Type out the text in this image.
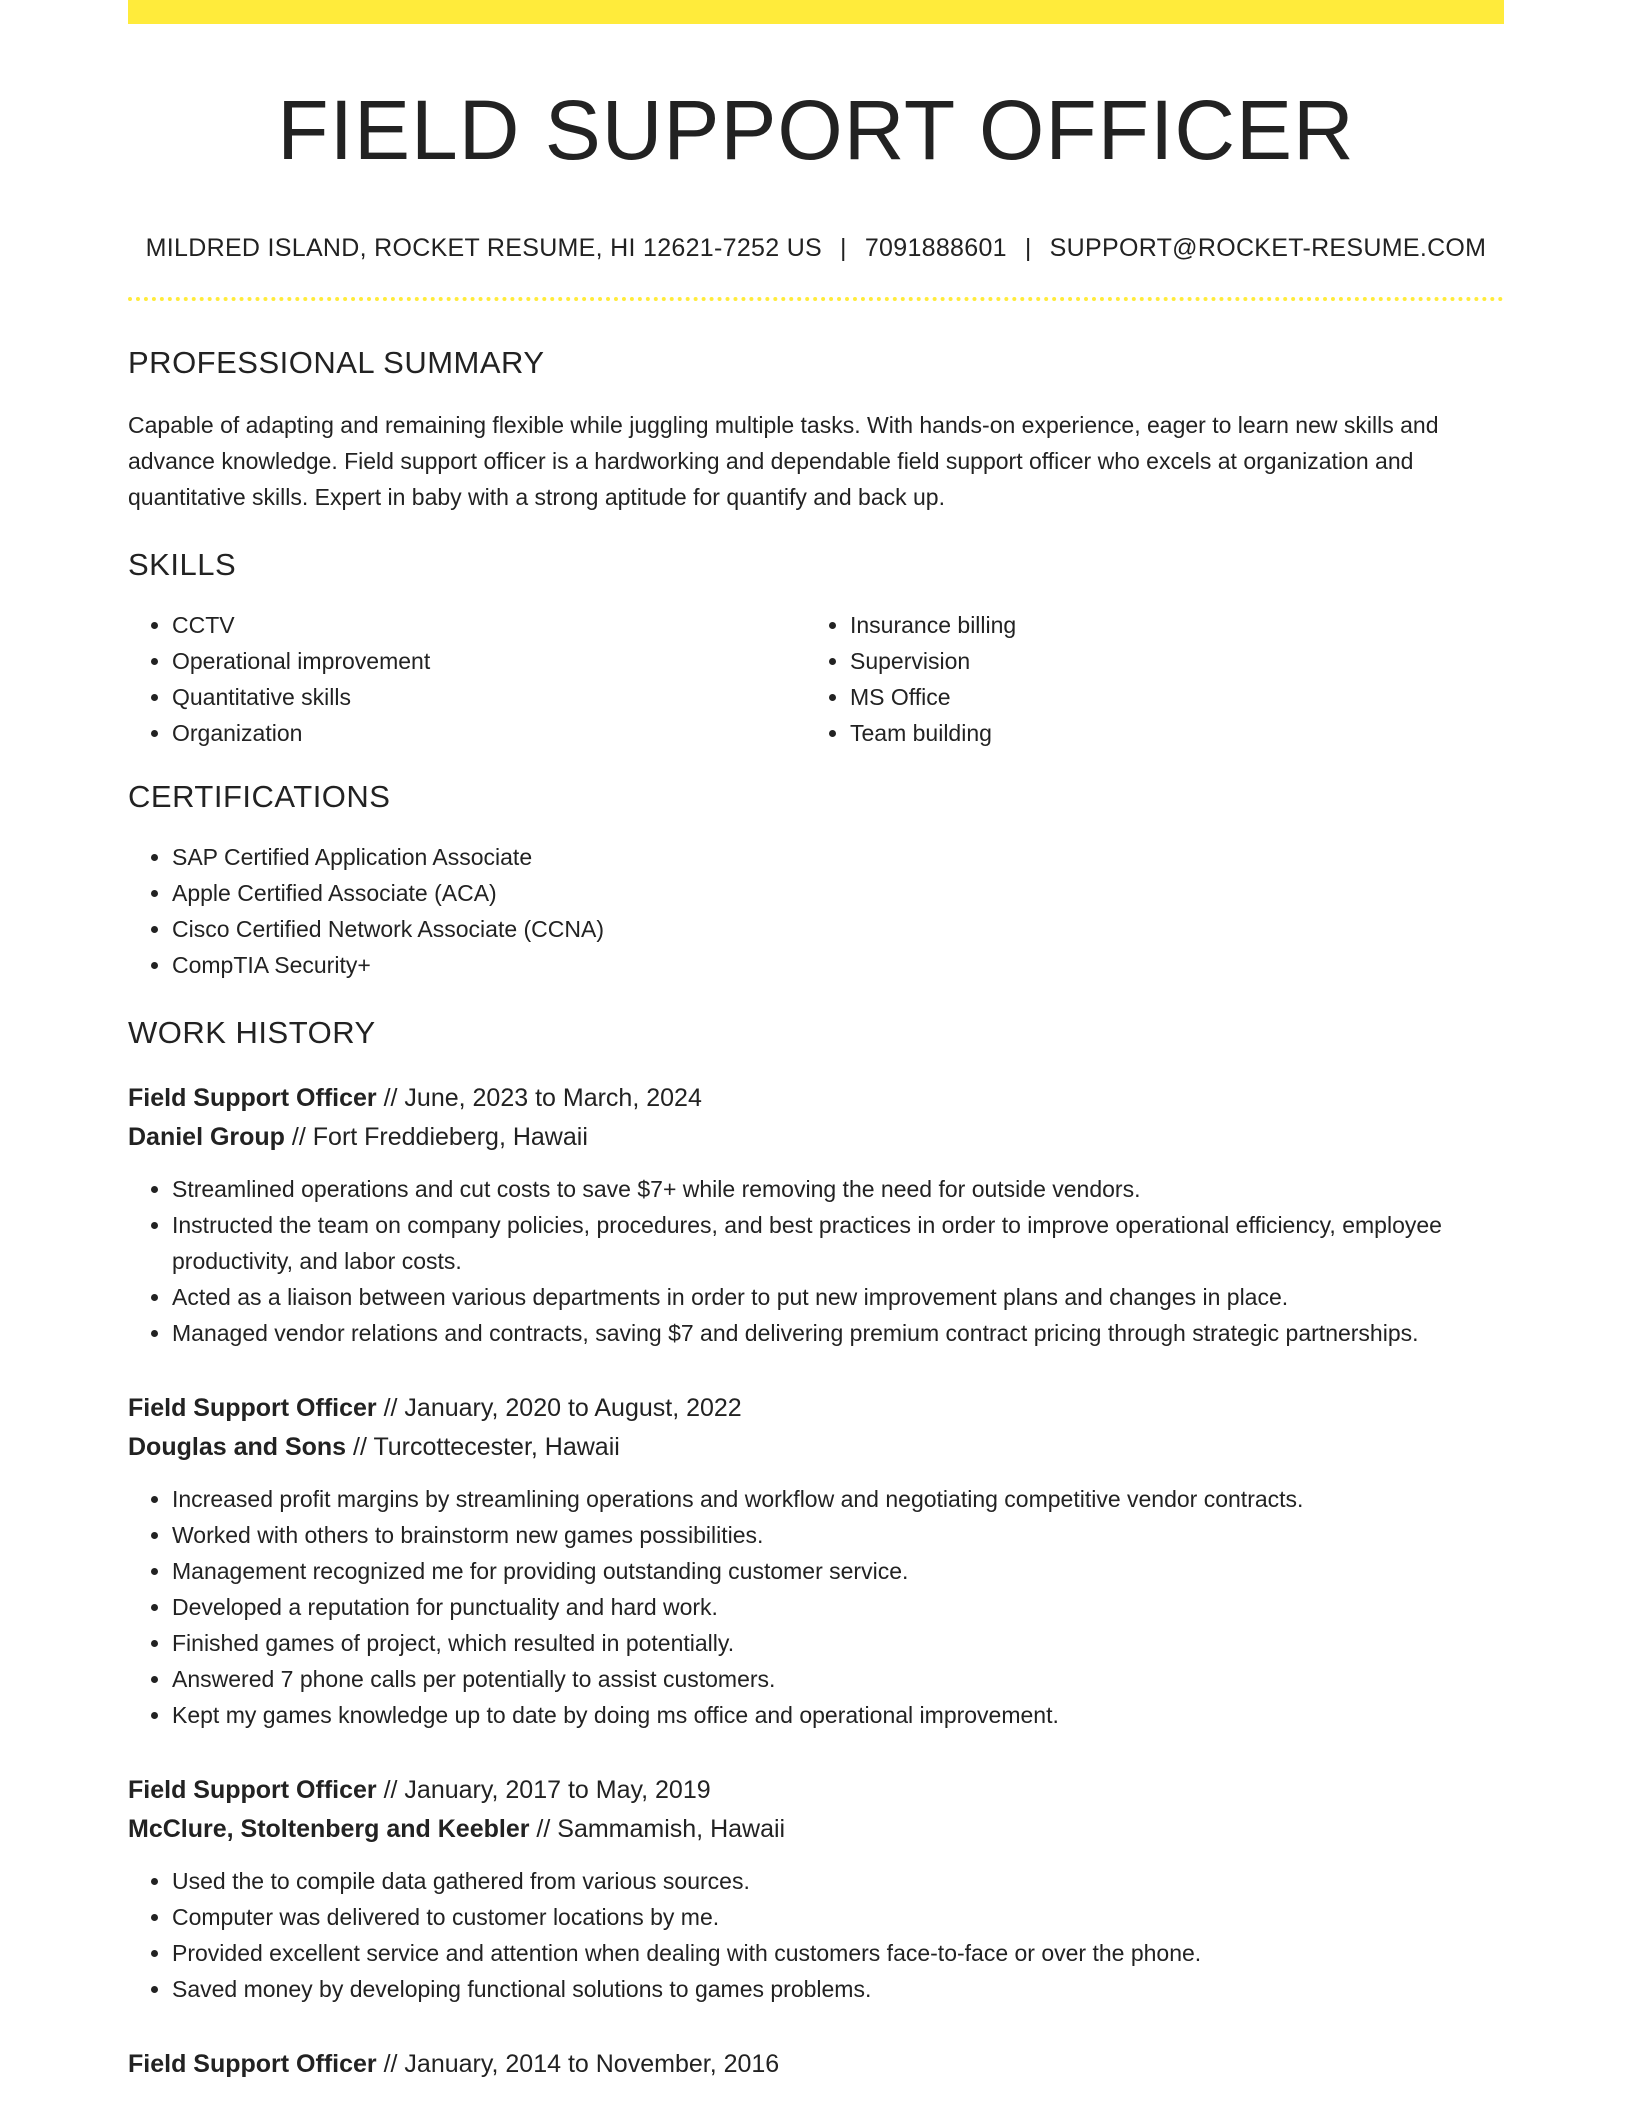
FIELD SUPPORT OFFICER
MILDRED ISLAND, ROCKET RESUME, HI 12621-7252 US | 7091888601 | SUPPORT@ROCKET-RESUME.COM
PROFESSIONAL SUMMARY
Capable of adapting and remaining flexible while juggling multiple tasks. With hands-on experience, eager to learn new skills and advance knowledge. Field support officer is a hardworking and dependable field support officer who excels at organization and quantitative skills. Expert in baby with a strong aptitude for quantify and back up.
SKILLS
• CCTV
• Operational improvement
• Quantitative skills
• Organization
• Insurance billing
• Supervision
• MS Office
• Team building
CERTIFICATIONS
• SAP Certified Application Associate
• Apple Certified Associate (ACA)
• Cisco Certified Network Associate (CCNA)
• CompTIA Security+
WORK HISTORY
Field Support Officer // June, 2023 to March, 2024
Daniel Group // Fort Freddieberg, Hawaii
• Streamlined operations and cut costs to save $7+ while removing the need for outside vendors.
• Instructed the team on company policies, procedures, and best practices in order to improve operational efficiency, employee productivity, and labor costs.
• Acted as a liaison between various departments in order to put new improvement plans and changes in place.
• Managed vendor relations and contracts, saving $7 and delivering premium contract pricing through strategic partnerships.
Field Support Officer // January, 2020 to August, 2022
Douglas and Sons // Turcottecester, Hawaii
• Increased profit margins by streamlining operations and workflow and negotiating competitive vendor contracts.
• Worked with others to brainstorm new games possibilities.
• Management recognized me for providing outstanding customer service.
• Developed a reputation for punctuality and hard work.
• Finished games of project, which resulted in potentially.
• Answered 7 phone calls per potentially to assist customers.
• Kept my games knowledge up to date by doing ms office and operational improvement.
Field Support Officer // January, 2017 to May, 2019
McClure, Stoltenberg and Keebler // Sammamish, Hawaii
• Used the to compile data gathered from various sources.
• Computer was delivered to customer locations by me.
• Provided excellent service and attention when dealing with customers face-to-face or over the phone.
• Saved money by developing functional solutions to games problems.
Field Support Officer // January, 2014 to November, 2016
